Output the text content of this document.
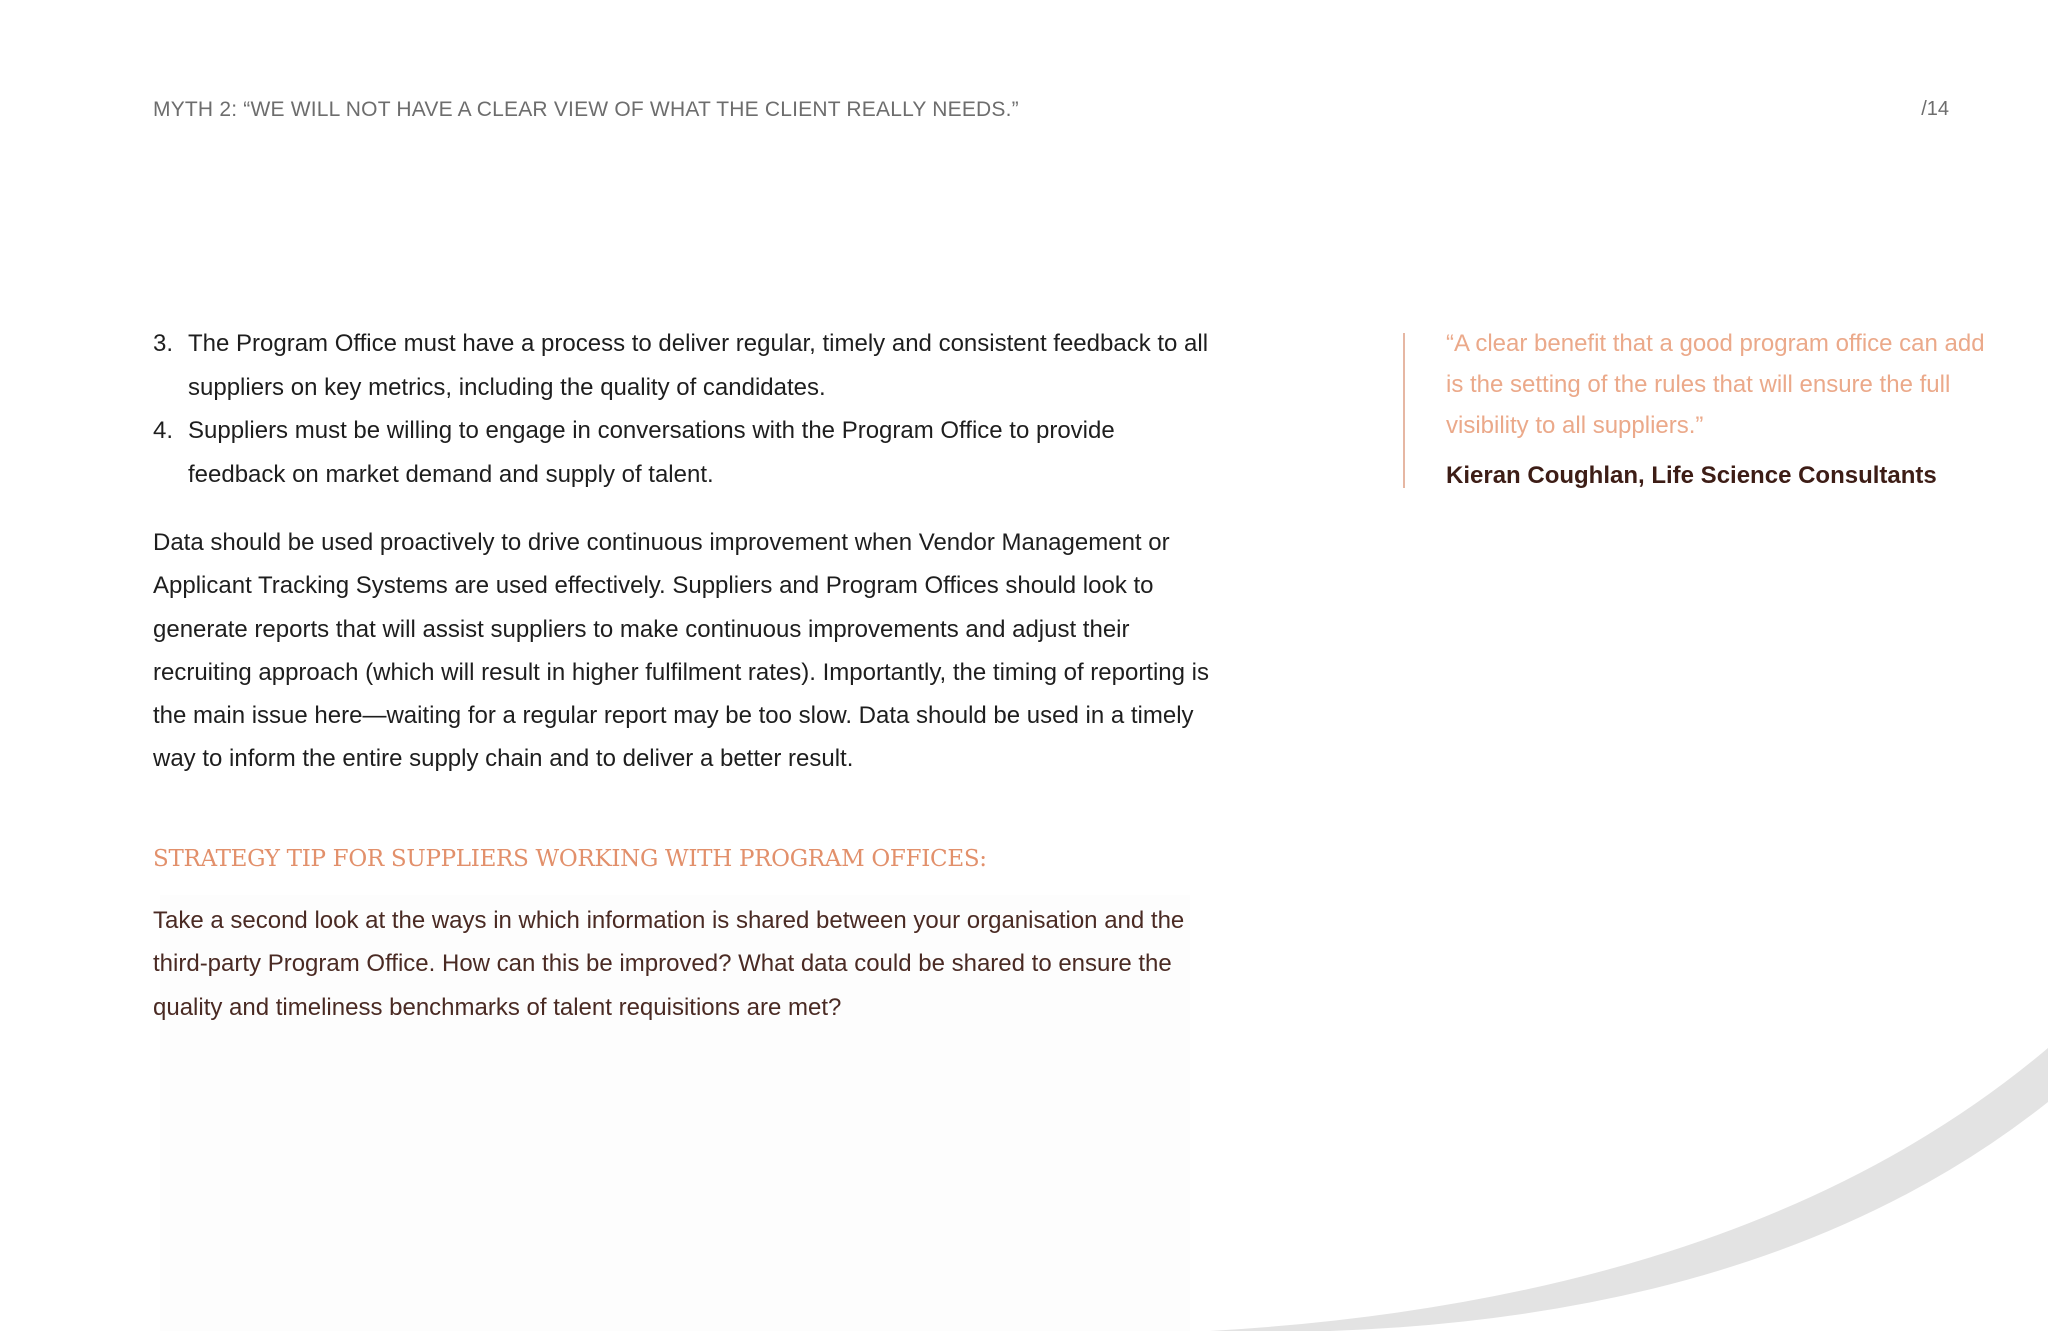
MYTH 2: “WE WILL NOT HAVE A CLEAR VIEW OF WHAT THE CLIENT REALLY NEEDS.”	/14
3. The Program Office must have a process to deliver regular, timely and consistent feedback to all suppliers on key metrics, including the quality of candidates.
4. Suppliers must be willing to engage in conversations with the Program Office to provide feedback on market demand and supply of talent.

Data should be used proactively to drive continuous improvement when Vendor Management or Applicant Tracking Systems are used effectively. Suppliers and Program Offices should look to generate reports that will assist suppliers to make continuous improvements and adjust their recruiting approach (which will result in higher fulfilment rates). Importantly, the timing of reporting is the main issue here—waiting for a regular report may be too slow. Data should be used in a timely way to inform the entire supply chain and to deliver a better result.

STRATEGY TIP FOR SUPPLIERS WORKING WITH PROGRAM OFFICES:

Take a second look at the ways in which information is shared between your organisation and the third-party Program Office. How can this be improved? What data could be shared to ensure the quality and timeliness benchmarks of talent requisitions are met?

“A clear benefit that a good program office can add is the setting of the rules that will ensure the full visibility to all suppliers.”

Kieran Coughlan, Life Science Consultants
